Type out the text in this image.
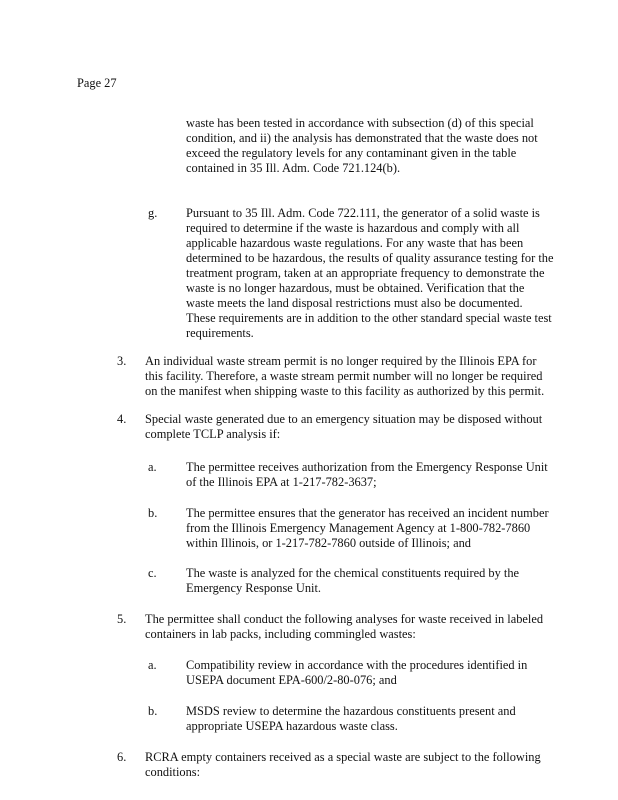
Page 27
waste has been tested in accordance with subsection (d) of this special
condition, and ii) the analysis has demonstrated that the waste does not
exceed the regulatory levels for any contaminant given in the table
contained in 35 Ill. Adm. Code 721.124(b).
g. Pursuant to 35 Ill. Adm. Code 722.111, the generator of a solid waste is
required to determine if the waste is hazardous and comply with all
applicable hazardous waste regulations. For any waste that has been
determined to be hazardous, the results of quality assurance testing for the
treatment program, taken at an appropriate frequency to demonstrate the
waste is no longer hazardous, must be obtained. Verification that the
waste meets the land disposal restrictions must also be documented.
These requirements are in addition to the other standard special waste test
requirements.
3. An individual waste stream permit is no longer required by the Illinois EPA for
this facility. Therefore, a waste stream permit number will no longer be required
on the manifest when shipping waste to this facility as authorized by this permit.
4. Special waste generated due to an emergency situation may be disposed without
complete TCLP analysis if:
a. The permittee receives authorization from the Emergency Response Unit
of the Illinois EPA at 1-217-782-3637;
b. The permittee ensures that the generator has received an incident number
from the Illinois Emergency Management Agency at 1-800-782-7860
within Illinois, or 1-217-782-7860 outside of Illinois; and
c. The waste is analyzed for the chemical constituents required by the
Emergency Response Unit.
5. The permittee shall conduct the following analyses for waste received in labeled
containers in lab packs, including commingled wastes:
a. Compatibility review in accordance with the procedures identified in
USEPA document EPA-600/2-80-076; and
b. MSDS review to determine the hazardous constituents present and
appropriate USEPA hazardous waste class.
6. RCRA empty containers received as a special waste are subject to the following
conditions:
